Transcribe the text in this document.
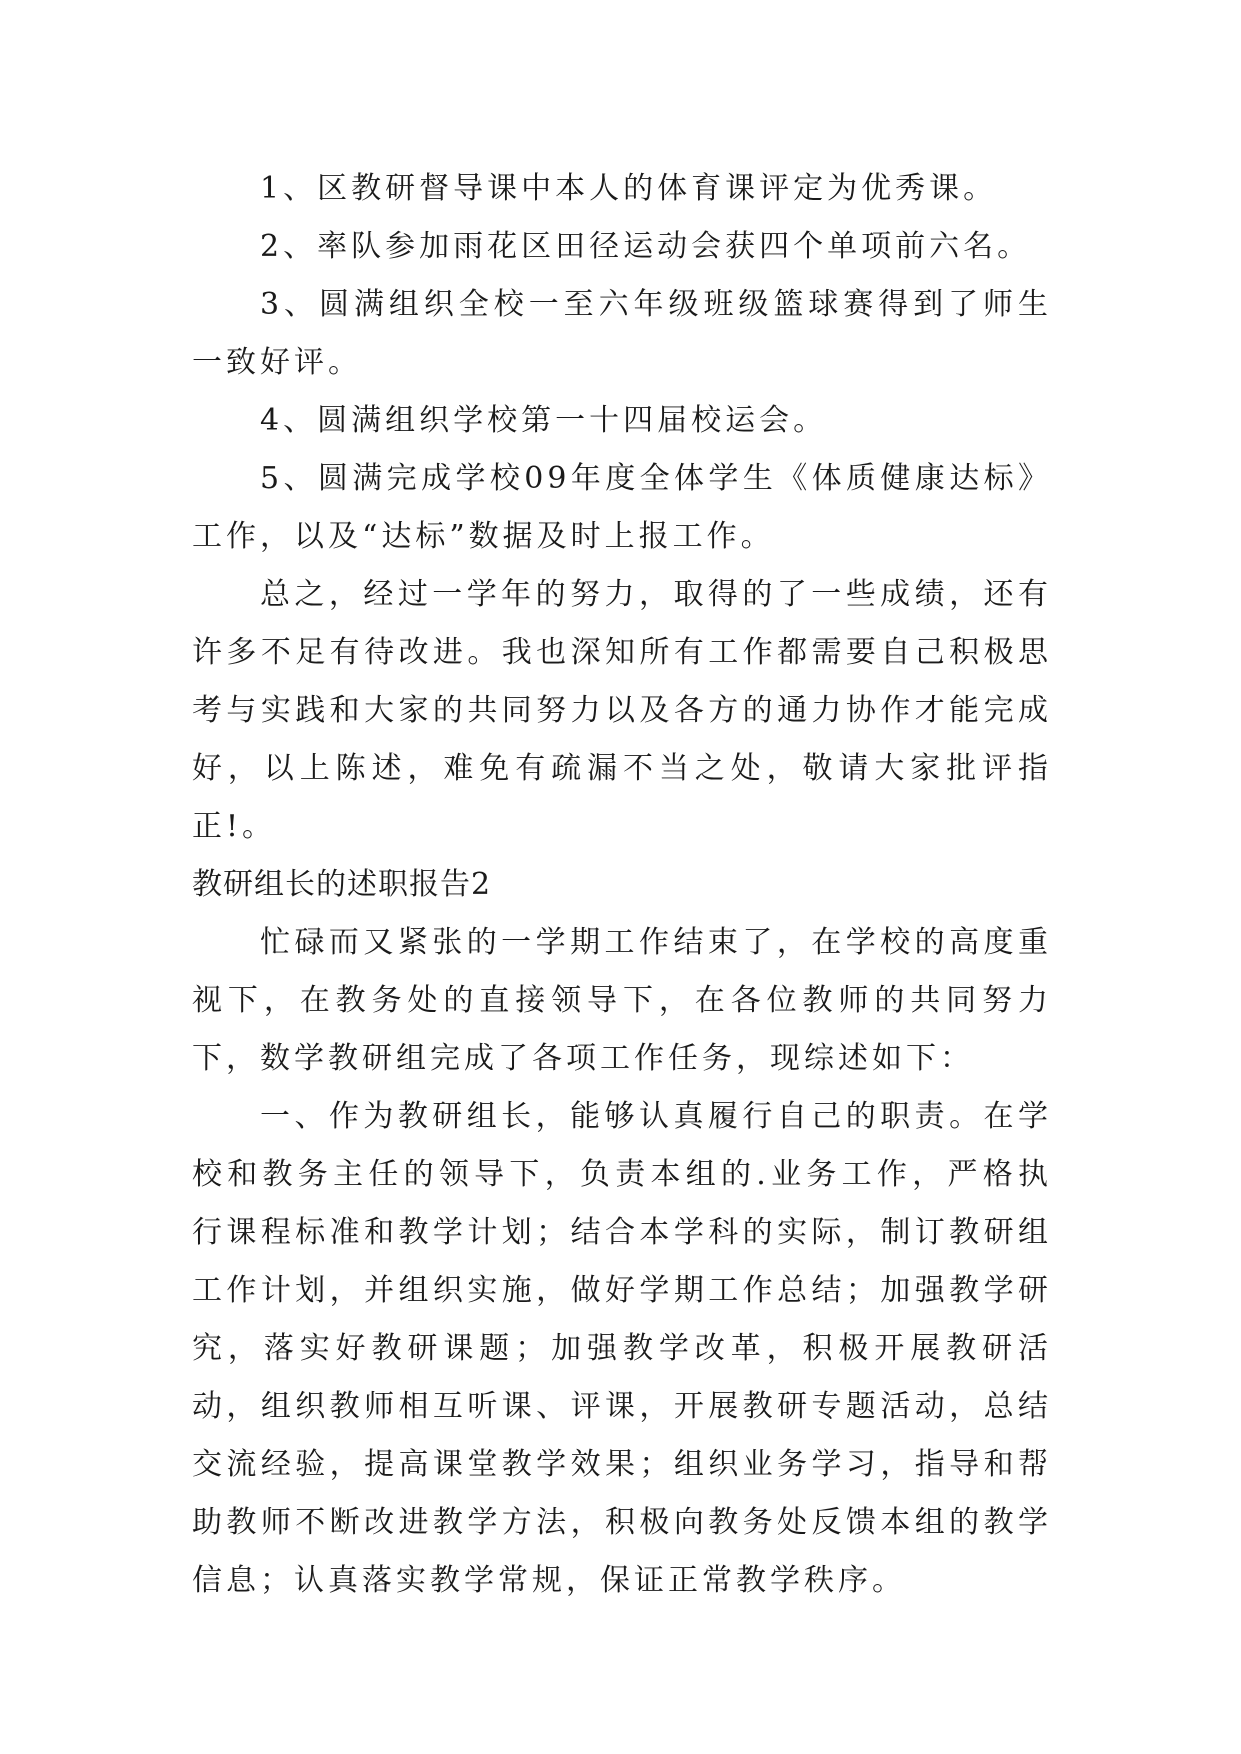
1、区教研督导课中本人的体育课评定为优秀课。

2、率队参加雨花区田径运动会获四个单项前六名。

3、圆满组织全校一至六年级班级篮球赛得到了师生一致好评。

4、圆满组织学校第一十四届校运会。

5、圆满完成学校09年度全体学生《体质健康达标》工作，以及“达标”数据及时上报工作。

总之，经过一学年的努力，取得的了一些成绩，还有许多不足有待改进。我也深知所有工作都需要自己积极思考与实践和大家的共同努力以及各方的通力协作才能完成好，以上陈述，难免有疏漏不当之处，敬请大家批评指正!。

教研组长的述职报告2

忙碌而又紧张的一学期工作结束了，在学校的高度重视下，在教务处的直接领导下，在各位教师的共同努力下，数学教研组完成了各项工作任务，现综述如下：

一、作为教研组长，能够认真履行自己的职责。在学校和教务主任的领导下，负责本组的.业务工作，严格执行课程标准和教学计划；结合本学科的实际，制订教研组工作计划，并组织实施，做好学期工作总结；加强教学研究，落实好教研课题；加强教学改革，积极开展教研活动，组织教师相互听课、评课，开展教研专题活动，总结交流经验，提高课堂教学效果；组织业务学习，指导和帮助教师不断改进教学方法，积极向教务处反馈本组的教学信息；认真落实教学常规，保证正常教学秩序。
